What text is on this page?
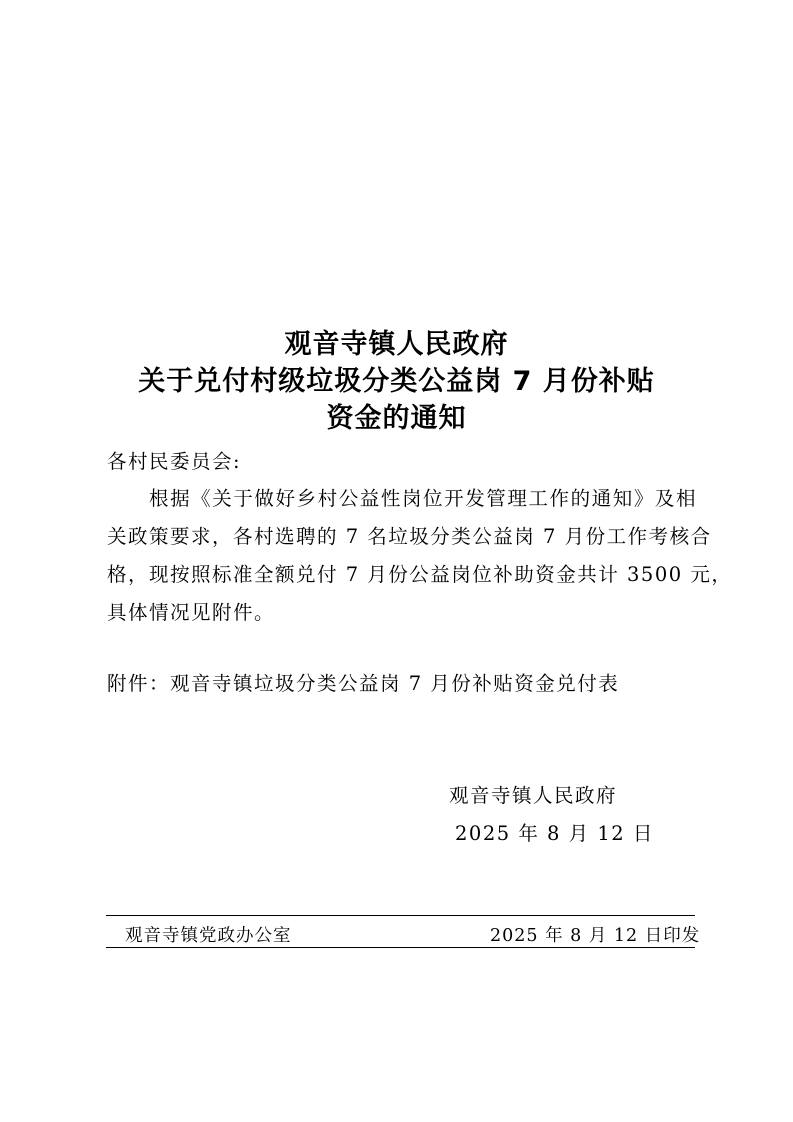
观音寺镇人民政府
关于兑付村级垃圾分类公益岗 7 月份补贴
资金的通知
各村民委员会:
根据《关于做好乡村公益性岗位开发管理工作的通知》及相
关政策要求，各村选聘的 7 名垃圾分类公益岗 7 月份工作考核合
格，现按照标准全额兑付 7 月份公益岗位补助资金共计 3500 元，
具体情况见附件。
附件：观音寺镇垃圾分类公益岗 7 月份补贴资金兑付表
观音寺镇人民政府
2025 年 8 月 12 日
观音寺镇党政办公室	2025 年 8 月 12 日印发
